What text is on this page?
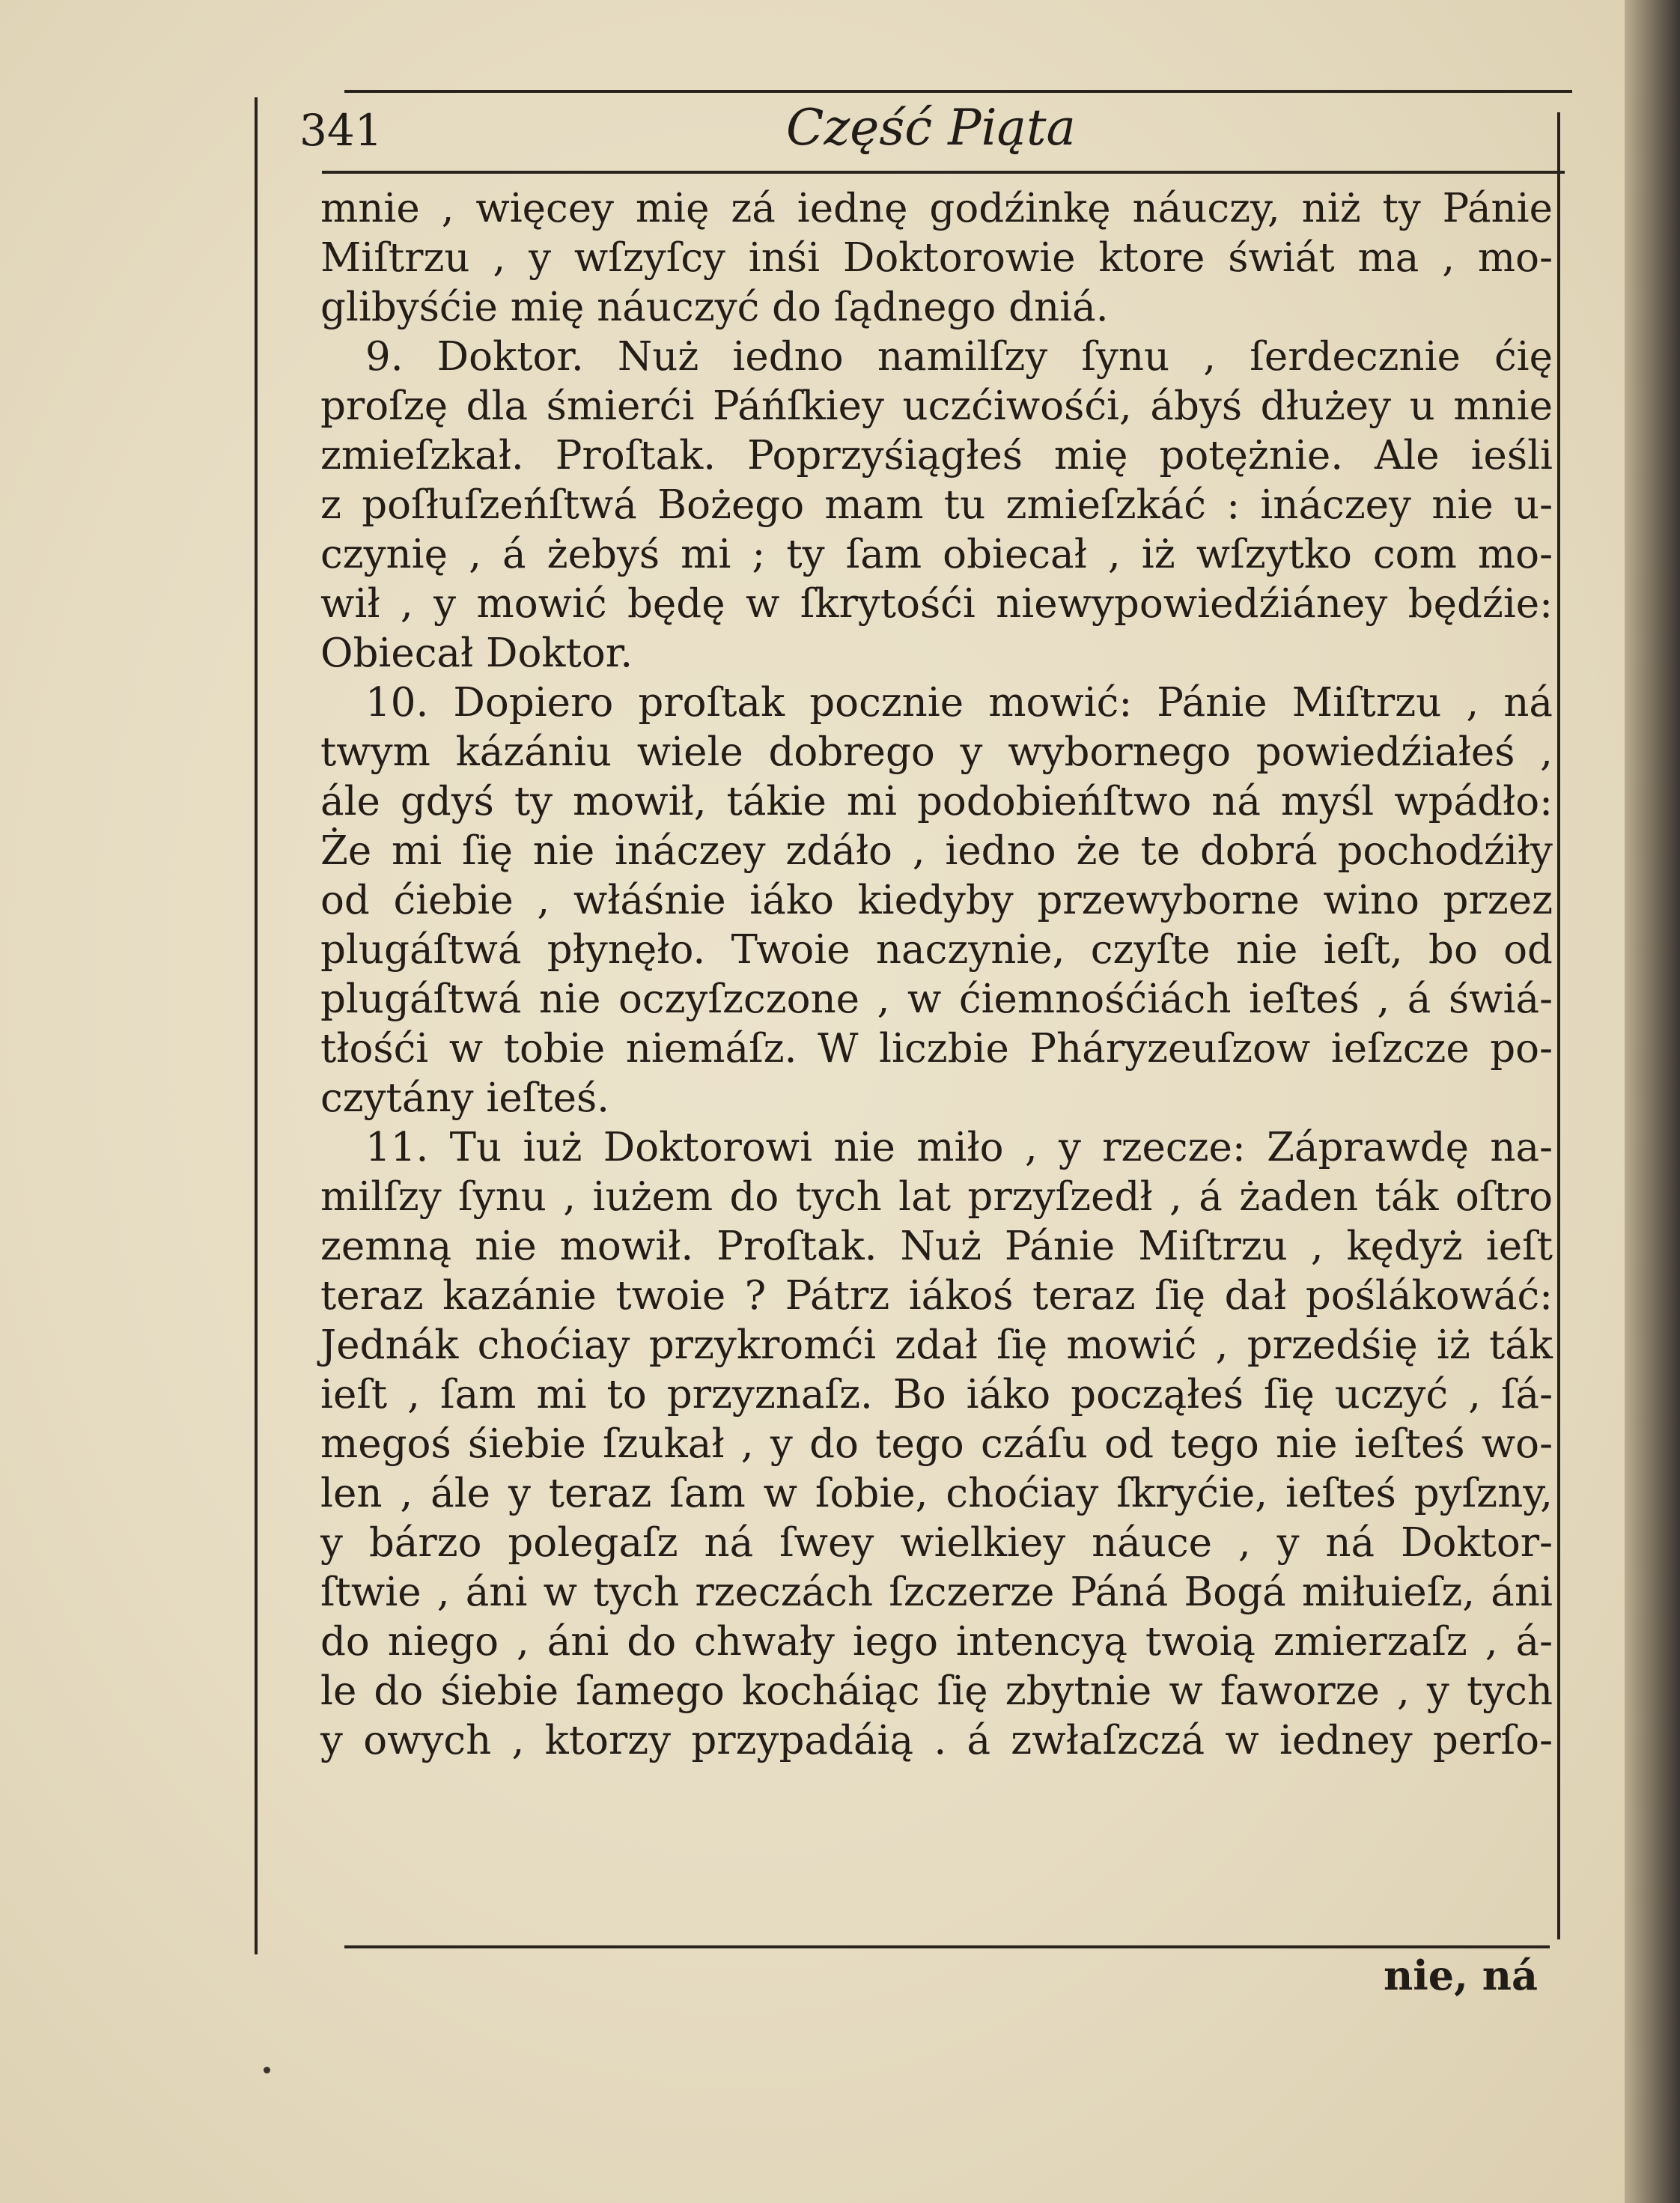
341	Część Piąta
mnie , więcey mię zá iednę godźinkę náuczy, niż ty Pánie
Miſtrzu , y wſzyſcy inśi Doktorowie ktore świát ma , mo-
glibyśćie mię náuczyć do ſądnego dniá.
9. Doktor. Nuż iedno namilſzy ſynu , ſerdecznie ćię
proſzę dla śmierći Páńſkiey uczćiwośći, ábyś dłużey u mnie
zmieſzkał. Proſtak. Poprzyśiągłeś mię potężnie. Ale ieśli
z poſłuſzeńſtwá Bożego mam tu zmieſzkáć : ináczey nie u-
czynię , á żebyś mi ; ty ſam obiecał , iż wſzytko com mo-
wił , y mowić będę w ſkrytośći niewypowiedźiáney będźie:
Obiecał Doktor.
10. Dopiero proſtak pocznie mowić: Pánie Miſtrzu , ná
twym kázániu wiele dobrego y wybornego powiedźiałeś ,
ále gdyś ty mowił, tákie mi podobieńſtwo ná myśl wpádło:
Że mi ſię nie ináczey zdáło , iedno że te dobrá pochodźiły
od ćiebie , włáśnie iáko kiedyby przewyborne wino przez
plugáſtwá płynęło. Twoie naczynie, czyſte nie ieſt, bo od
plugáſtwá nie oczyſzczone , w ćiemnośćiách ieſteś , á świá-
tłośći w tobie niemáſz. W liczbie Pháryzeuſzow ieſzcze po-
czytány ieſteś.
11. Tu iuż Doktorowi nie miło , y rzecze: Záprawdę na-
milſzy ſynu , iużem do tych lat przyſzedł , á żaden ták oſtro
zemną nie mowił. Proſtak. Nuż Pánie Miſtrzu , kędyż ieſt
teraz kazánie twoie ? Pátrz iákoś teraz ſię dał poślákowáć:
Jednák choćiay przykromći zdał ſię mowić , przedśię iż ták
ieſt , ſam mi to przyznaſz. Bo iáko począłeś ſię uczyć , ſá-
megoś śiebie ſzukał , y do tego czáſu od tego nie ieſteś wo-
len , ále y teraz ſam w ſobie, choćiay ſkryćie, ieſteś pyſzny,
y bárzo polegaſz ná ſwey wielkiey náuce , y ná Doktor-
ſtwie , áni w tych rzeczách ſzczerze Páná Bogá miłuieſz, áni
do niego , áni do chwały iego intencyą twoią zmierzaſz , á-
le do śiebie ſamego kocháiąc ſię zbytnie w faworze , y tych
y owych , ktorzy przypadáią . á zwłaſzczá w iedney perſo-
nie, ná
